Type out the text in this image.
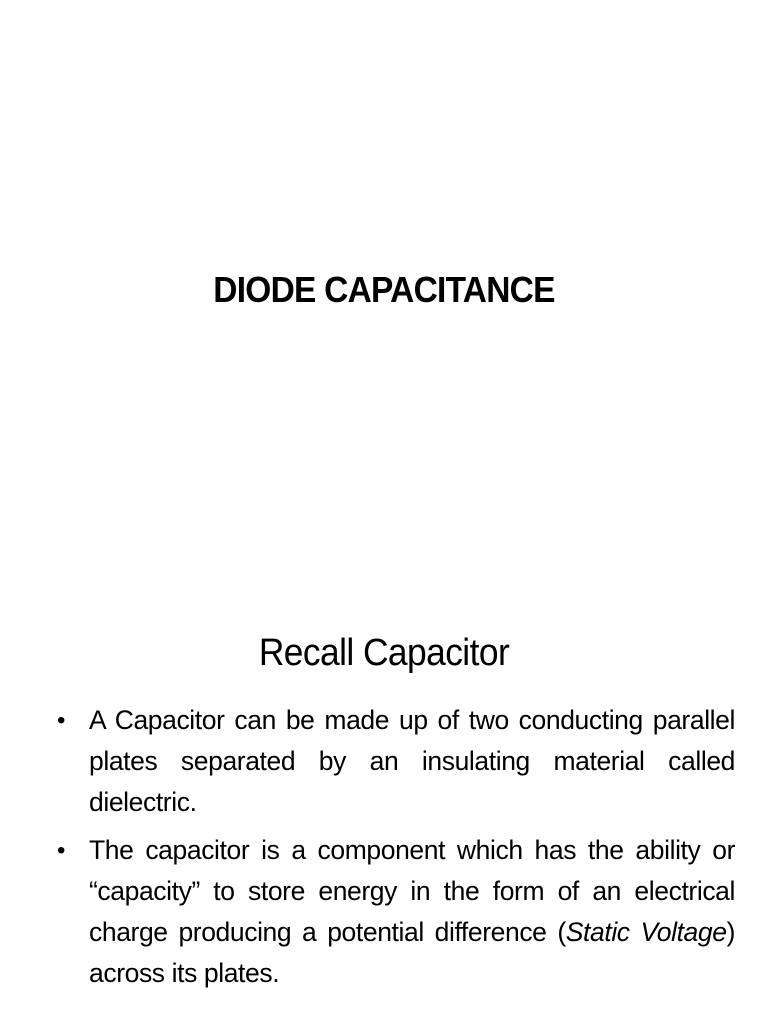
DIODE CAPACITANCE
Recall Capacitor
• A Capacitor can be made up of two conducting parallel plates separated by an insulating material called dielectric.
• The capacitor is a component which has the ability or “capacity” to store energy in the form of an electrical charge producing a potential difference (Static Voltage) across its plates.
